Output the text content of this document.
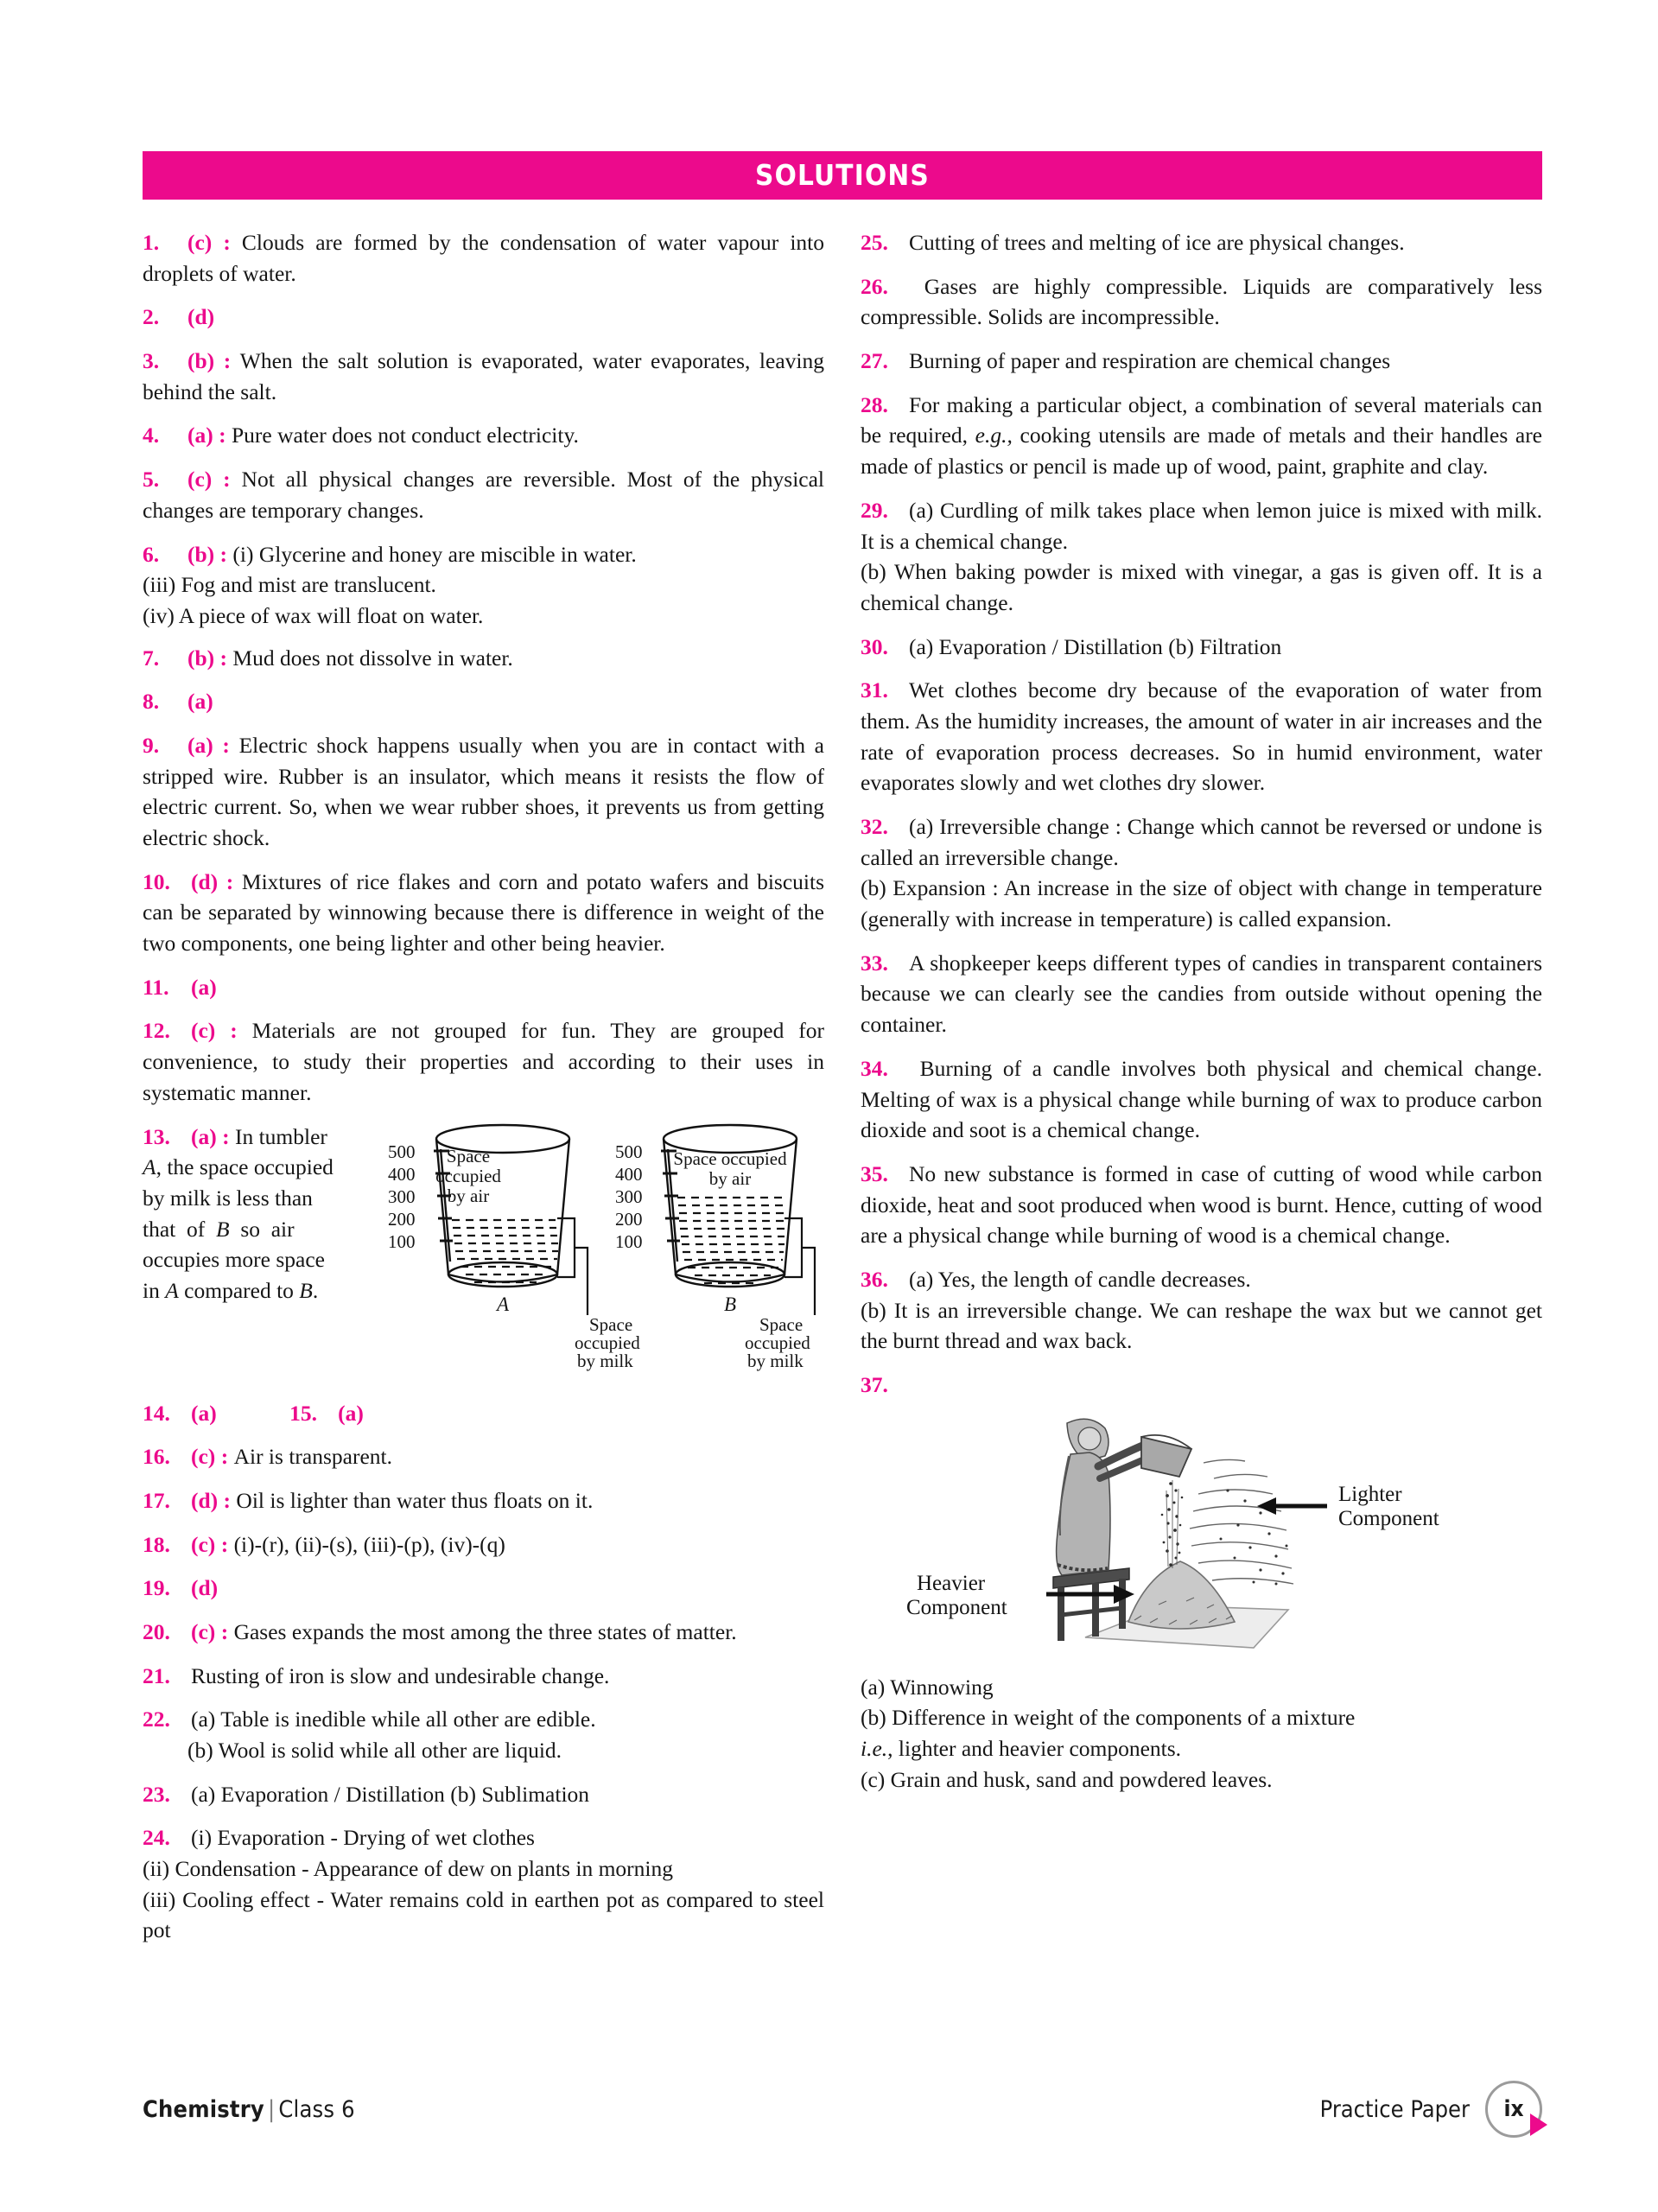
SOLUTIONS

1. (c) : Clouds are formed by the condensation of water vapour into droplets of water.

2. (d)

3. (b) : When the salt solution is evaporated, water evaporates, leaving behind the salt.

4. (a) : Pure water does not conduct electricity.

5. (c) : Not all physical changes are reversible. Most of the physical changes are temporary changes.

6. (b) : (i) Glycerine and honey are miscible in water.
(iii) Fog and mist are translucent.
(iv) A piece of wax will float on water.

7. (b) : Mud does not dissolve in water.

8. (a)

9. (a) : Electric shock happens usually when you are in contact with a stripped wire. Rubber is an insulator, which means it resists the flow of electric current. So, when we wear rubber shoes, it prevents us from getting electric shock.

10. (d) : Mixtures of rice flakes and corn and potato wafers and biscuits can be separated by winnowing because there is difference in weight of the two components, one being lighter and other being heavier.

11. (a)

12. (c) : Materials are not grouped for fun. They are grouped for convenience, to study their properties and according to their uses in systematic manner.

500
400
300
200
100
Space
occupied
by air
A
Space
occupied
by milk
500
400
300
200
100
Space occupied
by air
B
Space
occupied
by milk

13. (a) : In tumbler

A, the space occupied

by milk is less than

that  of  B  so  air

occupies more space

in A compared to B.

14. (a)	15. (a)

16. (c) : Air is transparent.

17. (d) : Oil is lighter than water thus floats on it.

18. (c) : (i)-(r), (ii)-(s), (iii)-(p), (iv)-(q)

19. (d)

20. (c) : Gases expands the most among the three states of matter.

21. Rusting of iron is slow and undesirable change.

22. (a) Table is inedible while all other are edible.
(b) Wool is solid while all other are liquid.

23. (a) Evaporation / Distillation (b) Sublimation

24. (i) Evaporation - Drying of wet clothes
(ii) Condensation - Appearance of dew on plants in morning
(iii) Cooling effect - Water remains cold in earthen pot as compared to steel pot

25. Cutting of trees and melting of ice are physical changes.

26. Gases are highly compressible. Liquids are comparatively less compressible. Solids are incompressible.

27. Burning of paper and respiration are chemical changes

28. For making a particular object, a combination of several materials can be required, e.g., cooking utensils are made of metals and their handles are made of plastics or pencil is made up of wood, paint, graphite and clay.

29. (a) Curdling of milk takes place when lemon juice is mixed with milk. It is a chemical change.
(b) When baking powder is mixed with vinegar, a gas is given off. It is a chemical change.

30. (a) Evaporation / Distillation (b) Filtration

31. Wet clothes become dry because of the evaporation of water from them. As the humidity increases, the amount of water in air increases and the rate of evaporation process decreases. So in humid environment, water evaporates slowly and wet clothes dry slower.

32. (a) Irreversible change : Change which cannot be reversed or undone is called an irreversible change.
(b) Expansion : An increase in the size of object with change in temperature (generally with increase in temperature) is called expansion.

33. A shopkeeper keeps different types of candies in transparent containers because we can clearly see the candies from outside without opening the container.

34. Burning of a candle involves both physical and chemical change. Melting of wax is a physical change while burning of wax to produce carbon dioxide and soot is a chemical change.

35. No new substance is formed in case of cutting of wood while carbon dioxide, heat and soot produced when wood is burnt. Hence, cutting of wood are a physical change while burning of wood is a chemical change.

36. (a) Yes, the length of candle decreases.
(b) It is an irreversible change. We can reshape the wax but we cannot get the burnt thread and wax back.

37.

Lighter
Component
Heavier
Component

(a) Winnowing
(b) Difference in weight of the components of a mixture
i.e., lighter and heavier components.
(c) Grain and husk, sand and powdered leaves.

Chemistry | Class 6	Practice Paper	ix
